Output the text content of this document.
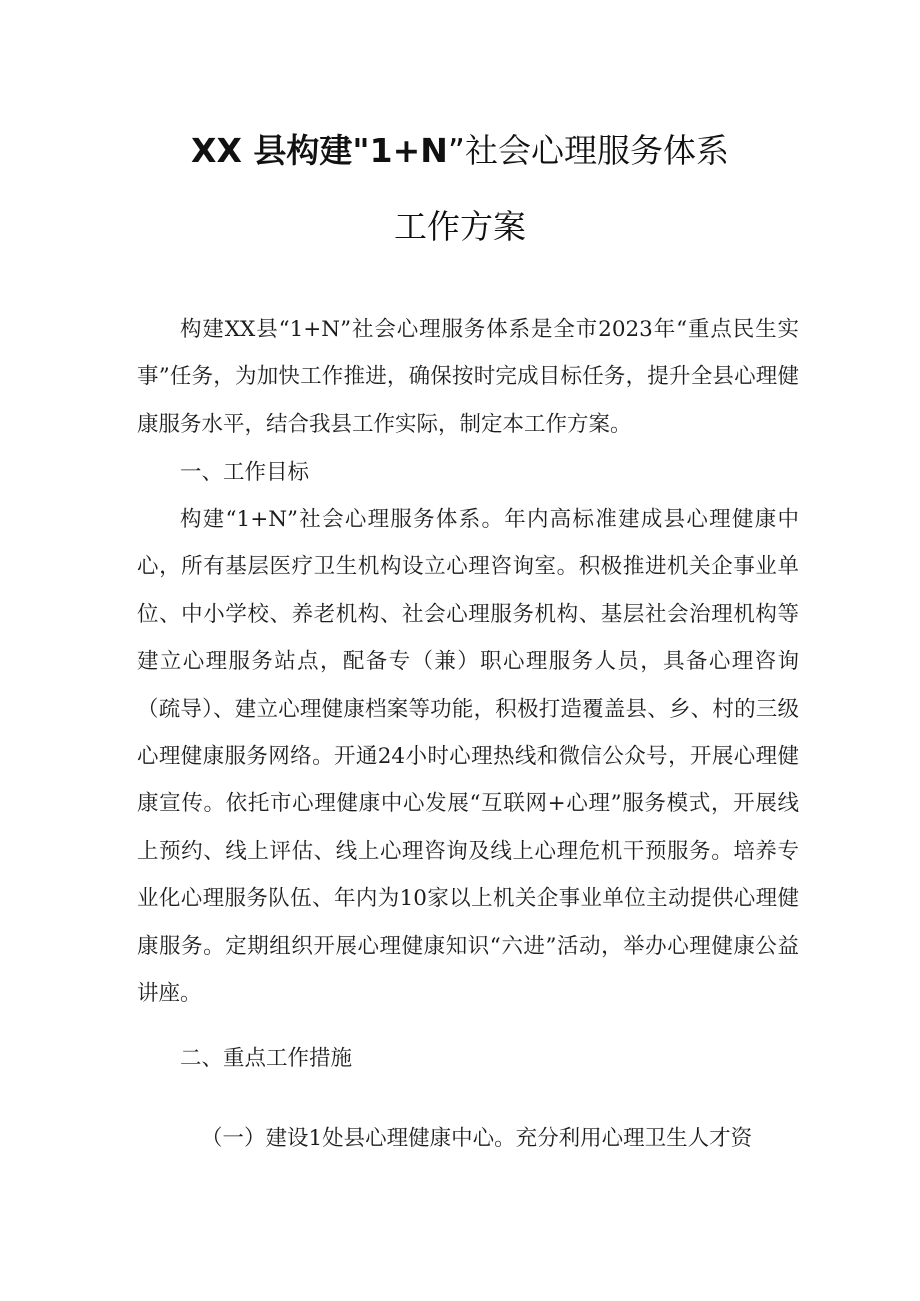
XX 县构建"1+N”社会心理服务体系
工作方案

构建XX县“1+N”社会心理服务体系是全市2023年“重点民生实事”任务，为加快工作推进，确保按时完成目标任务，提升全县心理健康服务水平，结合我县工作实际，制定本工作方案。

一、工作目标

构建“1+N”社会心理服务体系。年内高标准建成县心理健康中心，所有基层医疗卫生机构设立心理咨询室。积极推进机关企事业单位、中小学校、养老机构、社会心理服务机构、基层社会治理机构等建立心理服务站点，配备专（兼）职心理服务人员，具备心理咨询（疏导）、建立心理健康档案等功能，积极打造覆盖县、乡、村的三级心理健康服务网络。开通24小时心理热线和微信公众号，开展心理健康宣传。依托市心理健康中心发展“互联网+心理”服务模式，开展线上预约、线上评估、线上心理咨询及线上心理危机干预服务。培养专业化心理服务队伍、年内为10家以上机关企事业单位主动提供心理健康服务。定期组织开展心理健康知识“六进”活动，举办心理健康公益讲座。

二、重点工作措施

（一）建设1处县心理健康中心。充分利用心理卫生人才资
